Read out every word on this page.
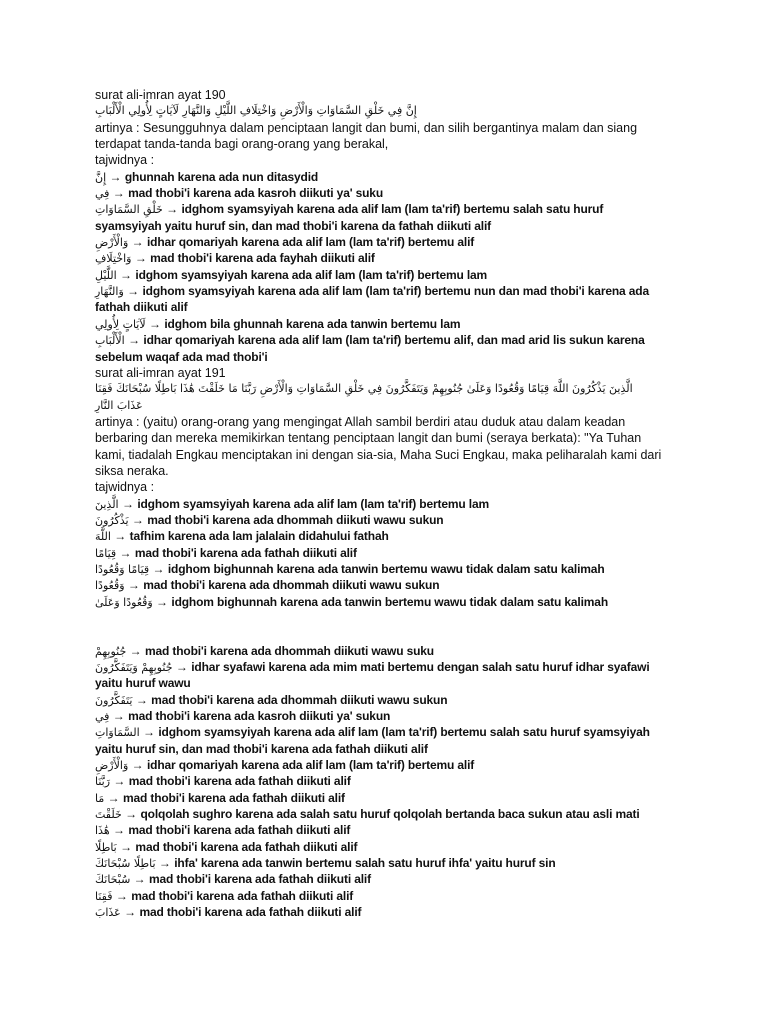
surat ali-imran ayat 190
إِنَّ فِي خَلْقِ السَّمَاوَاتِ وَالْأَرْضِ وَاخْتِلَافِ اللَّيْلِ وَالنَّهَارِ لَآيَاتٍ لِأُولِي الْأَلْبَابِ
artinya : Sesungguhnya dalam penciptaan langit dan bumi, dan silih bergantinya malam dan siang
terdapat tanda-tanda bagi orang-orang yang berakal,
tajwidnya :
إِنَّ → ghunnah karena ada nun ditasydid
فِي → mad thobi'i karena ada kasroh diikuti ya' suku
خَلْقِ السَّمَاوَاتِ → idghom syamsyiyah karena ada alif lam (lam ta'rif) bertemu salah satu huruf
syamsyiyah yaitu huruf sin, dan mad thobi'i karena da fathah diikuti alif
وَالْأَرْضِ → idhar qomariyah karena ada alif lam (lam ta'rif) bertemu alif
وَاخْتِلَافِ → mad thobi'i karena ada fayhah diikuti alif
اللَّيْلِ → idghom syamsyiyah karena ada alif lam (lam ta'rif) bertemu lam
وَالنَّهَارِ → idghom syamsyiyah karena ada alif lam (lam ta'rif) bertemu nun dan mad thobi'i karena ada
fathah diikuti alif
لَآيَاتٍ لِأُولِي → idghom bila ghunnah karena ada tanwin bertemu lam
الْأَلْبَابِ → idhar qomariyah karena ada alif lam (lam ta'rif) bertemu alif, dan mad arid lis sukun karena
sebelum waqaf ada mad thobi'i
surat ali-imran ayat 191
الَّذِينَ يَذْكُرُونَ اللَّهَ قِيَامًا وَقُعُودًا وَعَلَىٰ جُنُوبِهِمْ وَيَتَفَكَّرُونَ فِي خَلْقِ السَّمَاوَاتِ وَالْأَرْضِ رَبَّنَا مَا خَلَقْتَ هَٰذَا بَاطِلًا سُبْحَانَكَ فَقِنَا
عَذَابَ النَّارِ
artinya : (yaitu) orang-orang yang mengingat Allah sambil berdiri atau duduk atau dalam keadan
berbaring dan mereka memikirkan tentang penciptaan langit dan bumi (seraya berkata): "Ya Tuhan
kami, tiadalah Engkau menciptakan ini dengan sia-sia, Maha Suci Engkau, maka peliharalah kami dari
siksa neraka.
tajwidnya :
الَّذِينَ → idghom syamsyiyah karena ada alif lam (lam ta'rif) bertemu lam
يَذْكُرُونَ → mad thobi'i karena ada dhommah diikuti wawu sukun
اللَّهَ → tafhim karena ada lam jalalain didahului fathah
قِيَامًا → mad thobi'i karena ada fathah diikuti alif
قِيَامًا وَقُعُودًا → idghom bighunnah karena ada tanwin bertemu wawu tidak dalam satu kalimah
وَقُعُودًا → mad thobi'i karena ada dhommah diikuti wawu sukun
وَقُعُودًا وَعَلَىٰ → idghom bighunnah karena ada tanwin bertemu wawu tidak dalam satu kalimah
جُنُوبِهِمْ → mad thobi'i karena ada dhommah diikuti wawu suku
جُنُوبِهِمْ وَيَتَفَكَّرُونَ → idhar syafawi karena ada mim mati bertemu dengan salah satu huruf idhar syafawi
yaitu huruf wawu
يَتَفَكَّرُونَ → mad thobi'i karena ada dhommah diikuti wawu sukun
فِي → mad thobi'i karena ada kasroh diikuti ya' sukun
السَّمَاوَاتِ → idghom syamsyiyah karena ada alif lam (lam ta'rif) bertemu salah satu huruf syamsyiyah
yaitu huruf sin, dan mad thobi'i karena ada fathah diikuti alif
وَالْأَرْضِ → idhar qomariyah karena ada alif lam (lam ta'rif) bertemu alif
رَبَّنَا → mad thobi'i karena ada fathah diikuti alif
مَا → mad thobi'i karena ada fathah diikuti alif
خَلَقْتَ → qolqolah sughro karena ada salah satu huruf qolqolah bertanda baca sukun atau asli mati
هَٰذَا → mad thobi'i karena ada fathah diikuti alif
بَاطِلًا → mad thobi'i karena ada fathah diikuti alif
بَاطِلًا سُبْحَانَكَ → ihfa' karena ada tanwin bertemu salah satu huruf ihfa' yaitu huruf sin
سُبْحَانَكَ → mad thobi'i karena ada fathah diikuti alif
فَقِنَا → mad thobi'i karena ada fathah diikuti alif
عَذَابَ → mad thobi'i karena ada fathah diikuti alif
